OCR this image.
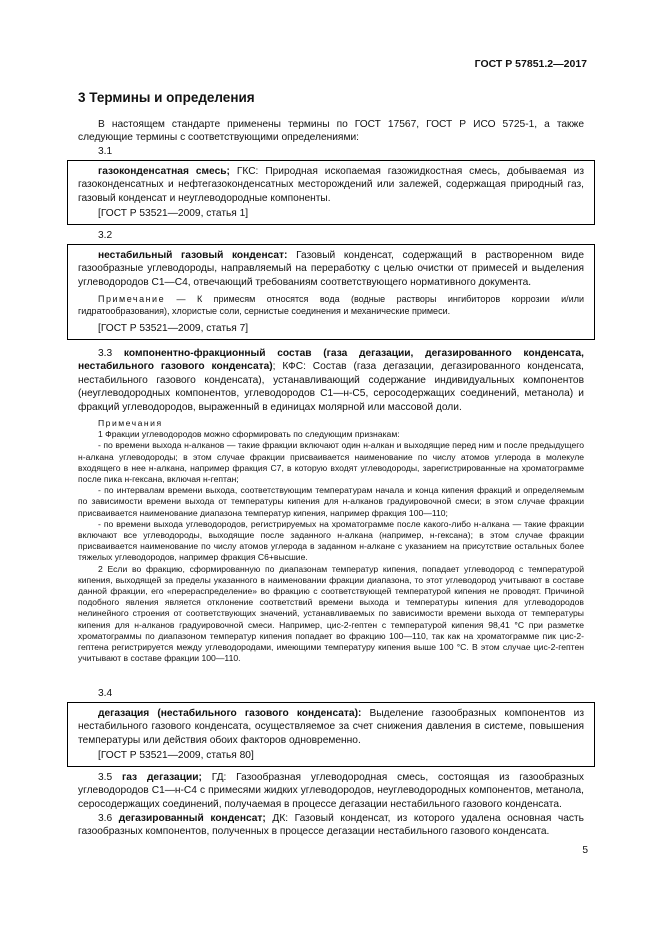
ГОСТ Р 57851.2—2017
3 Термины и определения
В настоящем стандарте применены термины по ГОСТ 17567, ГОСТ Р ИСО 5725-1, а также следующие термины с соответствующими определениями:
3.1

газоконденсатная смесь; ГКС: Природная ископаемая газожидкостная смесь, добываемая из газоконденсатных и нефтегазоконденсатных месторождений или залежей, содержащая природный газ, газовый конденсат и неуглеводородные компоненты.

[ГОСТ Р 53521—2009, статья 1]

3.2

нестабильный газовый конденсат: Газовый конденсат, содержащий в растворенном виде газообразные углеводороды, направляемый на переработку с целью очистки от примесей и выделения углеводородов C1—C4, отвечающий требованиям соответствующего нормативного документа.

Примечание — К примесям относятся вода (водные растворы ингибиторов коррозии и/или гидратообразования), хлористые соли, сернистые соединения и механические примеси.

[ГОСТ Р 53521—2009, статья 7]

3.3 компонентно-фракционный состав (газа дегазации, дегазированного конденсата, нестабильного газового конденсата); КФС: Состав (газа дегазации, дегазированного конденсата, нестабильного газового конденсата), устанавливающий содержание индивидуальных компонентов (неуглеводородных компонентов, углеводородов C1—н-C5, серосодержащих соединений, метанола) и фракций углеводородов, выраженный в единицах молярной или массовой доли.

Примечания

1 Фракции углеводородов можно сформировать по следующим признакам:

- по времени выхода н-алканов — такие фракции включают один н-алкан и выходящие перед ним и после предыдущего н-алкана углеводороды; в этом случае фракции присваивается наименование по числу атомов углерода в молекуле входящего в нее н-алкана, например фракция C7, в которую входят углеводороды, зарегистрированные на хроматограмме после пика н-гексана, включая н-гептан;

- по интервалам времени выхода, соответствующим температурам начала и конца кипения фракций и определяемым по зависимости времени выхода от температуры кипения для н-алканов градуировочной смеси; в этом случае фракции присваивается наименование диапазона температур кипения, например фракция 100—110;

- по времени выхода углеводородов, регистрируемых на хроматограмме после какого-либо н-алкана — такие фракции включают все углеводороды, выходящие после заданного н-алкана (например, н-гексана); в этом случае фракции присваивается наименование по числу атомов углерода в заданном н-алкане с указанием на присутствие остальных более тяжелых углеводородов, например фракция C6+высшие.

2 Если во фракцию, сформированную по диапазонам температур кипения, попадает углеводород с температурой кипения, выходящей за пределы указанного в наименовании фракции диапазона, то этот углеводород учитывают в составе данной фракции, его «перераспределение» во фракцию с соответствующей температурой кипения не проводят. Причиной подобного явления является отклонение соответствий времени выхода и температуры кипения для углеводородов нелинейного строения от соответствующих значений, устанавливаемых по зависимости времени выхода от температуры кипения для н-алканов градуировочной смеси. Например, цис-2-гептен с температурой кипения 98,41 °С при разметке хроматограммы по диапазоном температур кипения попадает во фракцию 100—110, так как на хроматограмме пик цис-2-гептена регистрируется между углеводородами, имеющими температуру кипения выше 100 °С. В этом случае цис-2-гептен учитывают в составе фракции 100—110.

3.4

дегазация (нестабильного газового конденсата): Выделение газообразных компонентов из нестабильного газового конденсата, осуществляемое за счет снижения давления в системе, повышения температуры или действия обоих факторов одновременно.

[ГОСТ Р 53521—2009, статья 80]

3.5 газ дегазации; ГД: Газообразная углеводородная смесь, состоящая из газообразных углеводородов C1—н-C4 с примесями жидких углеводородов, неуглеводородных компонентов, метанола, серосодержащих соединений, получаемая в процессе дегазации нестабильного газового конденсата.
3.6 дегазированный конденсат; ДК: Газовый конденсат, из которого удалена основная часть газообразных компонентов, полученных в процессе дегазации нестабильного газового конденсата.
5
